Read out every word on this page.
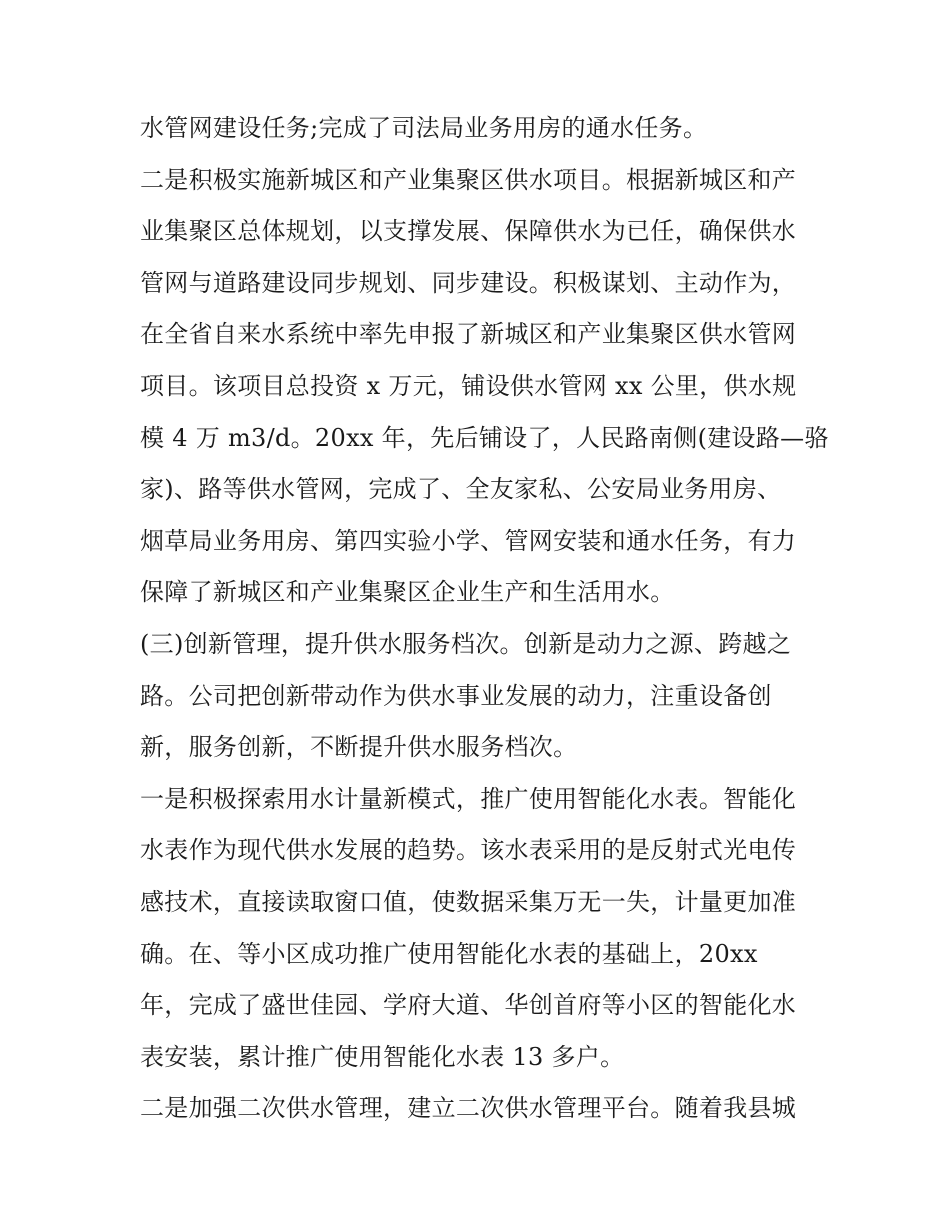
水管网建设任务;完成了司法局业务用房的通水任务。
二是积极实施新城区和产业集聚区供水项目。根据新城区和产
业集聚区总体规划，以支撑发展、保障供水为已任，确保供水
管网与道路建设同步规划、同步建设。积极谋划、主动作为，
在全省自来水系统中率先申报了新城区和产业集聚区供水管网
项目。该项目总投资 x 万元，铺设供水管网 xx 公里，供水规
模 4 万 m3/d。20xx 年，先后铺设了，人民路南侧(建设路—骆
家)、路等供水管网，完成了、全友家私、公安局业务用房、
烟草局业务用房、第四实验小学、管网安装和通水任务，有力
保障了新城区和产业集聚区企业生产和生活用水。
(三)创新管理，提升供水服务档次。创新是动力之源、跨越之
路。公司把创新带动作为供水事业发展的动力，注重设备创
新，服务创新，不断提升供水服务档次。
一是积极探索用水计量新模式，推广使用智能化水表。智能化
水表作为现代供水发展的趋势。该水表采用的是反射式光电传
感技术，直接读取窗口值，使数据采集万无一失，计量更加准
确。在、等小区成功推广使用智能化水表的基础上，20xx
年，完成了盛世佳园、学府大道、华创首府等小区的智能化水
表安装，累计推广使用智能化水表 13 多户。
二是加强二次供水管理，建立二次供水管理平台。随着我县城
